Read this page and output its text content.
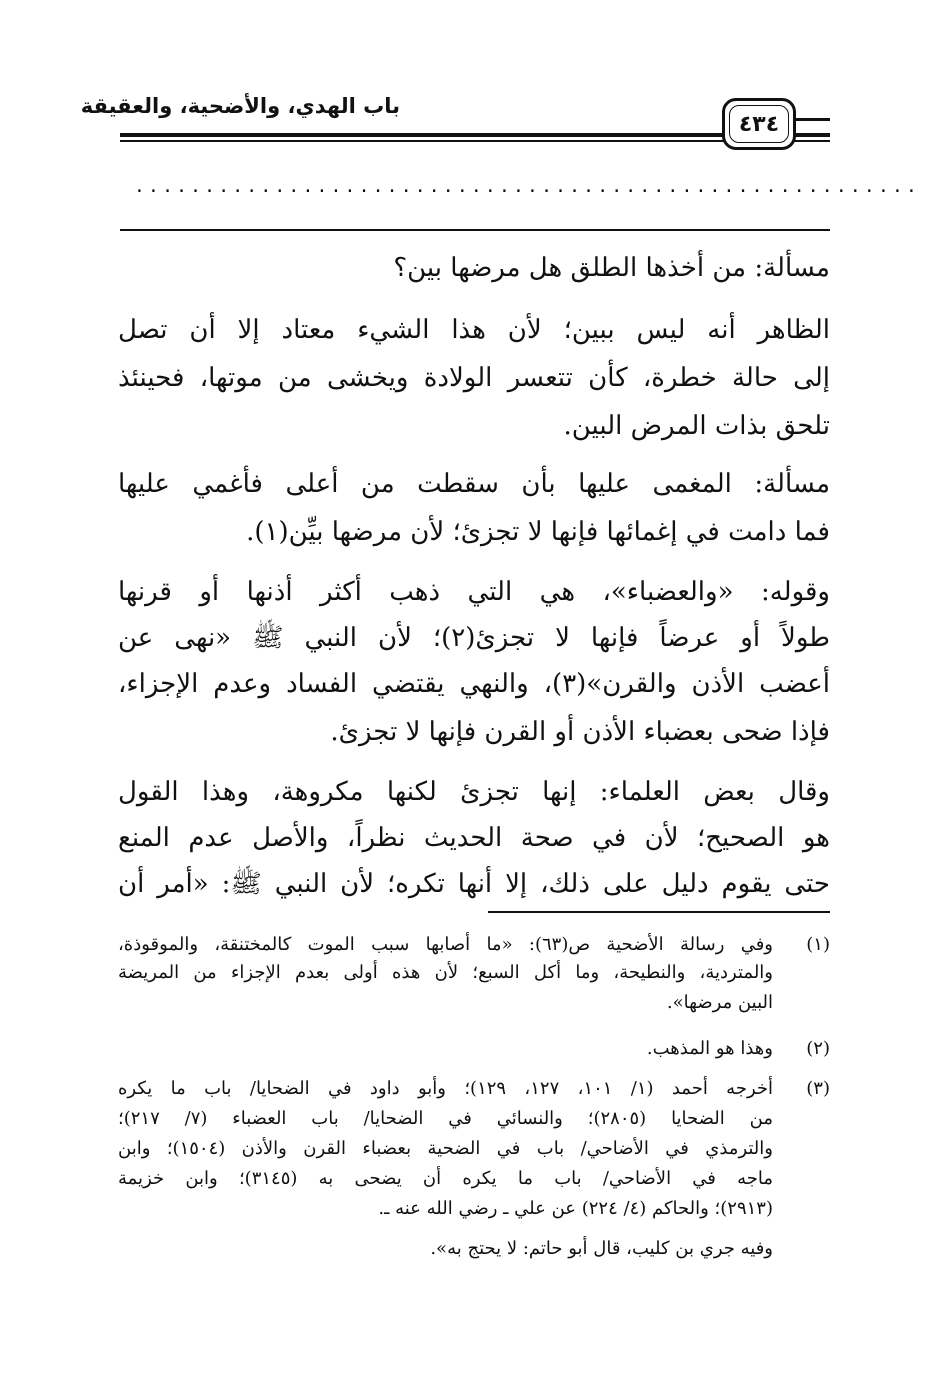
باب الهدي، والأضحية، والعقيقة
٤٣٤
........................................................
مسألة: من أخذها الطلق هل مرضها بين؟
الظاهر أنه ليس ببين؛ لأن هذا الشيء معتاد إلا أن تصل
إلى حالة خطرة، كأن تتعسر الولادة ويخشى من موتها، فحينئذ
تلحق بذات المرض البين.
مسألة: المغمى عليها بأن سقطت من أعلى فأغمي عليها
فما دامت في إغمائها فإنها لا تجزئ؛ لأن مرضها بيِّن(١).
وقوله: «والعضباء»، هي التي ذهب أكثر أذنها أو قرنها
طولاً أو عرضاً فإنها لا تجزئ(٢)؛ لأن النبي ﷺ «نهى عن
أعضب الأذن والقرن»(٣)، والنهي يقتضي الفساد وعدم الإجزاء،
فإذا ضحى بعضباء الأذن أو القرن فإنها لا تجزئ.
وقال بعض العلماء: إنها تجزئ لكنها مكروهة، وهذا القول
هو الصحيح؛ لأن في صحة الحديث نظراً، والأصل عدم المنع
حتى يقوم دليل على ذلك، إلا أنها تكره؛ لأن النبي ﷺ: «أمر أن
(١)
وفي رسالة الأضحية ص(٦٣): «ما أصابها سبب الموت كالمختنقة، والموقوذة،
والمتردية، والنطيحة، وما أكل السبع؛ لأن هذه أولى بعدم الإجزاء من المريضة
البين مرضها».
(٢)
وهذا هو المذهب.
(٣)
أخرجه أحمد (١/ ١٠١، ١٢٧، ١٢٩)؛ وأبو داود في الضحايا/ باب ما يكره
من الضحايا (٢٨٠٥)؛ والنسائي في الضحايا/ باب العضباء (٧/ ٢١٧)؛
والترمذي في الأضاحي/ باب في الضحية بعضباء القرن والأذن (١٥٠٤)؛ وابن
ماجه في الأضاحي/ باب ما يكره أن يضحى به (٣١٤٥)؛ وابن خزيمة
(٢٩١٣)؛ والحاكم (٤/ ٢٢٤) عن علي ـ رضي الله عنه ـ.
وفيه جري بن كليب، قال أبو حاتم: لا يحتج به».
